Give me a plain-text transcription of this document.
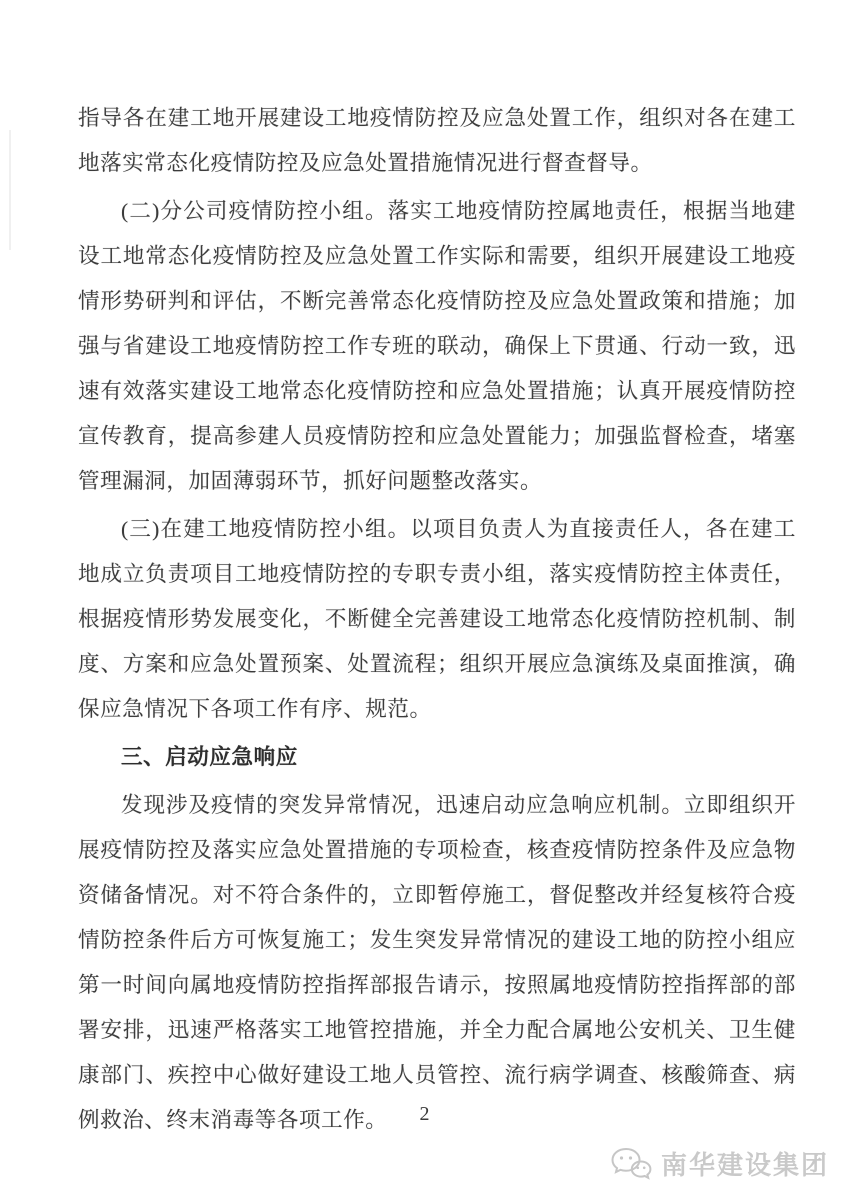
指导各在建工地开展建设工地疫情防控及应急处置工作，组织对各在建工地落实常态化疫情防控及应急处置措施情况进行督查督导。

(二)分公司疫情防控小组。落实工地疫情防控属地责任，根据当地建设工地常态化疫情防控及应急处置工作实际和需要，组织开展建设工地疫情形势研判和评估，不断完善常态化疫情防控及应急处置政策和措施；加强与省建设工地疫情防控工作专班的联动，确保上下贯通、行动一致，迅速有效落实建设工地常态化疫情防控和应急处置措施；认真开展疫情防控宣传教育，提高参建人员疫情防控和应急处置能力；加强监督检查，堵塞管理漏洞，加固薄弱环节，抓好问题整改落实。

(三)在建工地疫情防控小组。以项目负责人为直接责任人，各在建工地成立负责项目工地疫情防控的专职专责小组，落实疫情防控主体责任，根据疫情形势发展变化，不断健全完善建设工地常态化疫情防控机制、制度、方案和应急处置预案、处置流程；组织开展应急演练及桌面推演，确保应急情况下各项工作有序、规范。

三、启动应急响应

发现涉及疫情的突发异常情况，迅速启动应急响应机制。立即组织开展疫情防控及落实应急处置措施的专项检查，核查疫情防控条件及应急物资储备情况。对不符合条件的，立即暂停施工，督促整改并经复核符合疫情防控条件后方可恢复施工；发生突发异常情况的建设工地的防控小组应第一时间向属地疫情防控指挥部报告请示，按照属地疫情防控指挥部的部署安排，迅速严格落实工地管控措施，并全力配合属地公安机关、卫生健康部门、疾控中心做好建设工地人员管控、流行病学调查、核酸筛查、病例救治、终末消毒等各项工作。	2
南华建设集团
